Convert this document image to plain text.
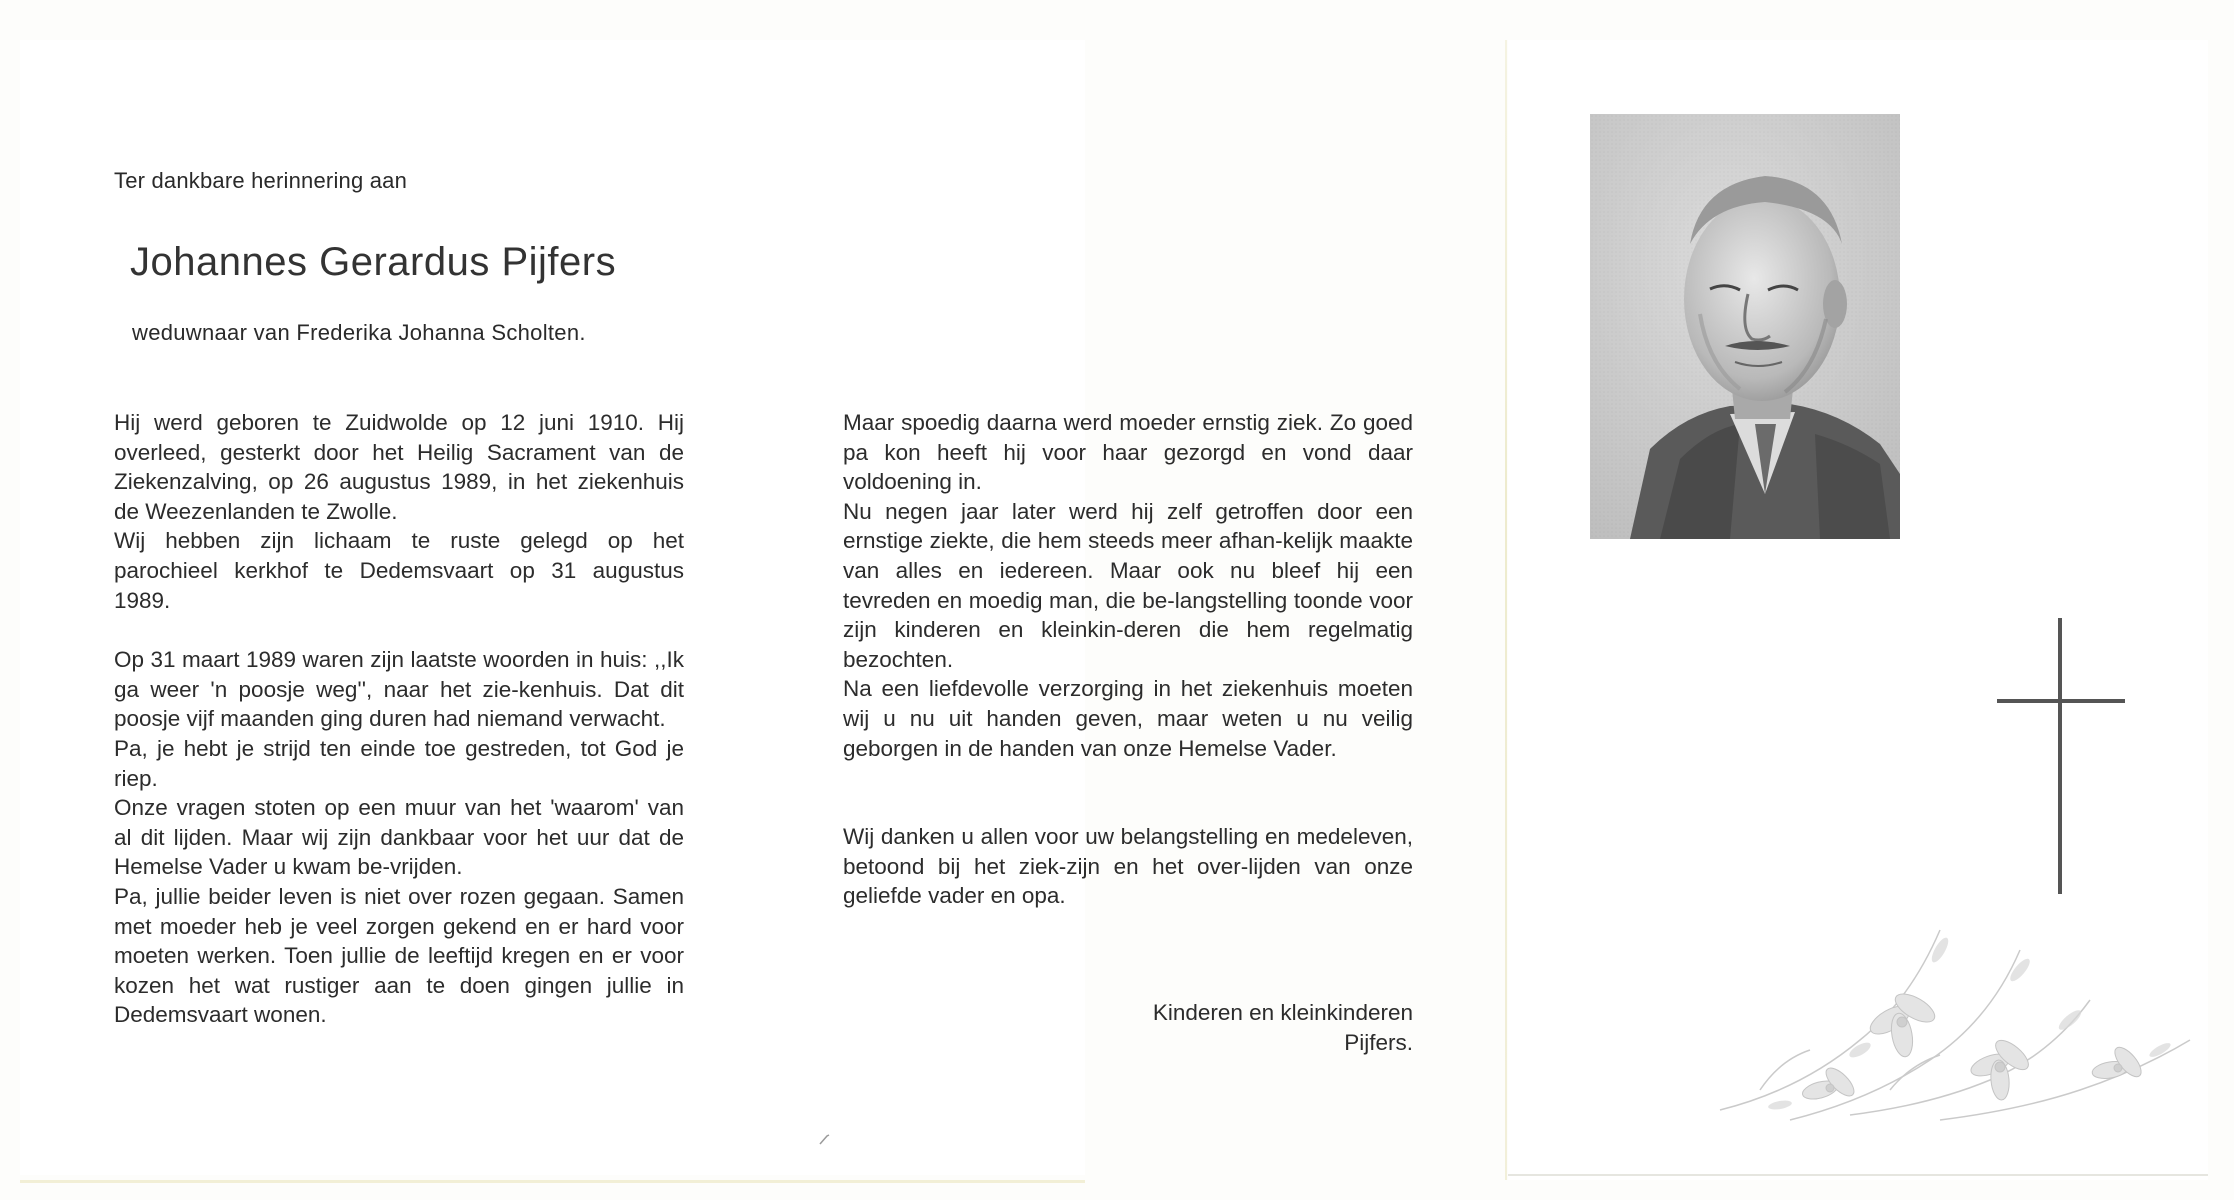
Ter dankbare herinnering aan
Johannes Gerardus Pijfers
weduwnaar van Frederika Johanna Scholten.

Hij werd geboren te Zuidwolde op 12 juni 1910. Hij overleed, gesterkt door het Heilig Sacrament van de Ziekenzalving, op 26 augustus 1989, in het ziekenhuis de Weezenlanden te Zwolle.

Wij hebben zijn lichaam te ruste gelegd op het parochieel kerkhof te Dedemsvaart op 31 augustus 1989.

Op 31 maart 1989 waren zijn laatste woorden in huis: ,,Ik ga weer 'n poosje weg'', naar het zie-kenhuis. Dat dit poosje vijf maanden ging duren had niemand verwacht.

Pa, je hebt je strijd ten einde toe gestreden, tot God je riep.

Onze vragen stoten op een muur van het 'waarom' van al dit lijden. Maar wij zijn dankbaar voor het uur dat de Hemelse Vader u kwam be-vrijden.

Pa, jullie beider leven is niet over rozen gegaan. Samen met moeder heb je veel zorgen gekend en er hard voor moeten werken. Toen jullie de leeftijd kregen en er voor kozen het wat rustiger aan te doen gingen jullie in Dedemsvaart wonen.

Maar spoedig daarna werd moeder ernstig ziek. Zo goed pa kon heeft hij voor haar gezorgd en vond daar voldoening in.

Nu negen jaar later werd hij zelf getroffen door een ernstige ziekte, die hem steeds meer afhan-kelijk maakte van alles en iedereen. Maar ook nu bleef hij een tevreden en moedig man, die be-langstelling toonde voor zijn kinderen en kleinkin-deren die hem regelmatig bezochten.

Na een liefdevolle verzorging in het ziekenhuis moeten wij u nu uit handen geven, maar weten u nu veilig geborgen in de handen van onze Hemelse Vader.

Wij danken u allen voor uw belangstelling en medeleven, betoond bij het ziek-zijn en het over-lijden van onze geliefde vader en opa.

Kinderen en kleinkinderen
Pijfers.
